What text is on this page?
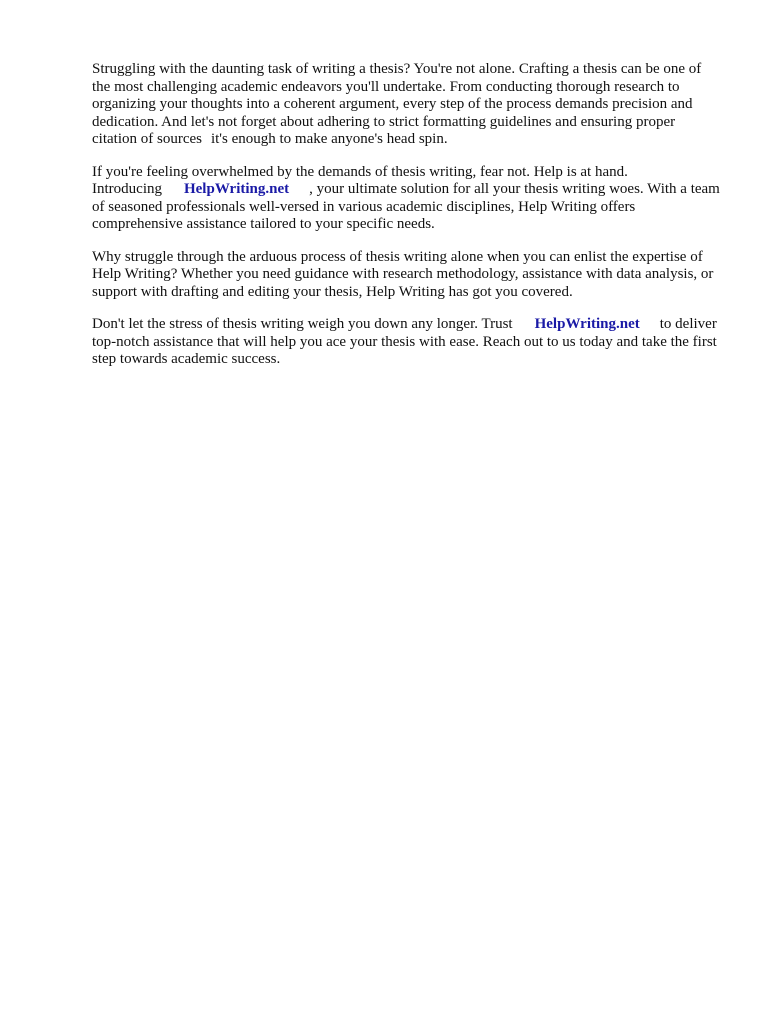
Struggling with the daunting task of writing a thesis? You're not alone. Crafting a thesis can be one of the most challenging academic endeavors you'll undertake. From conducting thorough research to organizing your thoughts into a coherent argument, every step of the process demands precision and dedication. And let's not forget about adhering to strict formatting guidelines and ensuring proper citation of sources it's enough to make anyone's head spin.

If you're feeling overwhelmed by the demands of thesis writing, fear not. Help is at hand. Introducing HelpWriting.net , your ultimate solution for all your thesis writing woes. With a team of seasoned professionals well-versed in various academic disciplines, Help Writing offers comprehensive assistance tailored to your specific needs.

Why struggle through the arduous process of thesis writing alone when you can enlist the expertise of Help Writing? Whether you need guidance with research methodology, assistance with data analysis, or support with drafting and editing your thesis, Help Writing has got you covered.

Don't let the stress of thesis writing weigh you down any longer. Trust HelpWriting.net to deliver top-notch assistance that will help you ace your thesis with ease. Reach out to us today and take the first step towards academic success.
